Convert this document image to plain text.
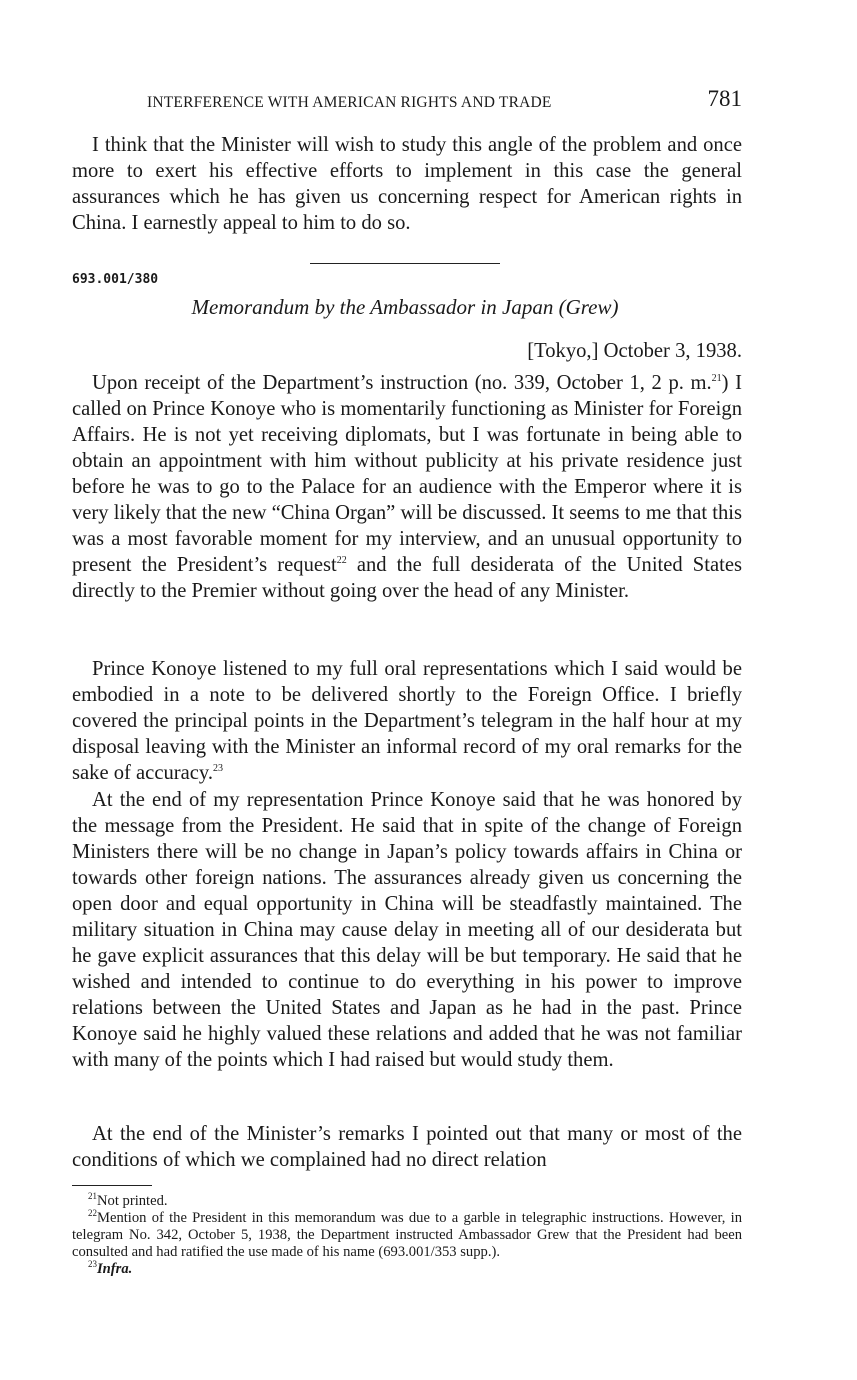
INTERFERENCE WITH AMERICAN RIGHTS AND TRADE	781

I think that the Minister will wish to study this angle of the problem and once more to exert his effective efforts to implement in this case the general assurances which he has given us concerning respect for American rights in China. I earnestly appeal to him to do so.

693.001/380
Memorandum by the Ambassador in Japan (Grew)
[Tokyo,] October 3, 1938.

Upon receipt of the Department’s instruction (no. 339, October 1, 2 p. m.$^{21}$) I called on Prince Konoye who is momentarily functioning as Minister for Foreign Affairs. He is not yet receiving diplomats, but I was fortunate in being able to obtain an appointment with him without publicity at his private residence just before he was to go to the Palace for an audience with the Emperor where it is very likely that the new “China Organ” will be discussed. It seems to me that this was a most favorable moment for my interview, and an unusual opportunity to present the President’s request$^{22}$ and the full desiderata of the United States directly to the Premier without going over the head of any Minister.

Prince Konoye listened to my full oral representations which I said would be embodied in a note to be delivered shortly to the Foreign Office. I briefly covered the principal points in the Department’s telegram in the half hour at my disposal leaving with the Minister an informal record of my oral remarks for the sake of accuracy.$^{23}$

At the end of my representation Prince Konoye said that he was honored by the message from the President. He said that in spite of the change of Foreign Ministers there will be no change in Japan’s policy towards affairs in China or towards other foreign nations. The assurances already given us concerning the open door and equal opportunity in China will be steadfastly maintained. The military situation in China may cause delay in meeting all of our desiderata but he gave explicit assurances that this delay will be but temporary. He said that he wished and intended to continue to do everything in his power to improve relations between the United States and Japan as he had in the past. Prince Konoye said he highly valued these relations and added that he was not familiar with many of the points which I had raised but would study them.

At the end of the Minister’s remarks I pointed out that many or most of the conditions of which we complained had no direct relation

$^{21}$Not printed.

$^{22}$Mention of the President in this memorandum was due to a garble in telegraphic instructions. However, in telegram No. 342, October 5, 1938, the Department instructed Ambassador Grew that the President had been consulted and had ratified the use made of his name (693.001/353 supp.).

$^{23}$Infra.
